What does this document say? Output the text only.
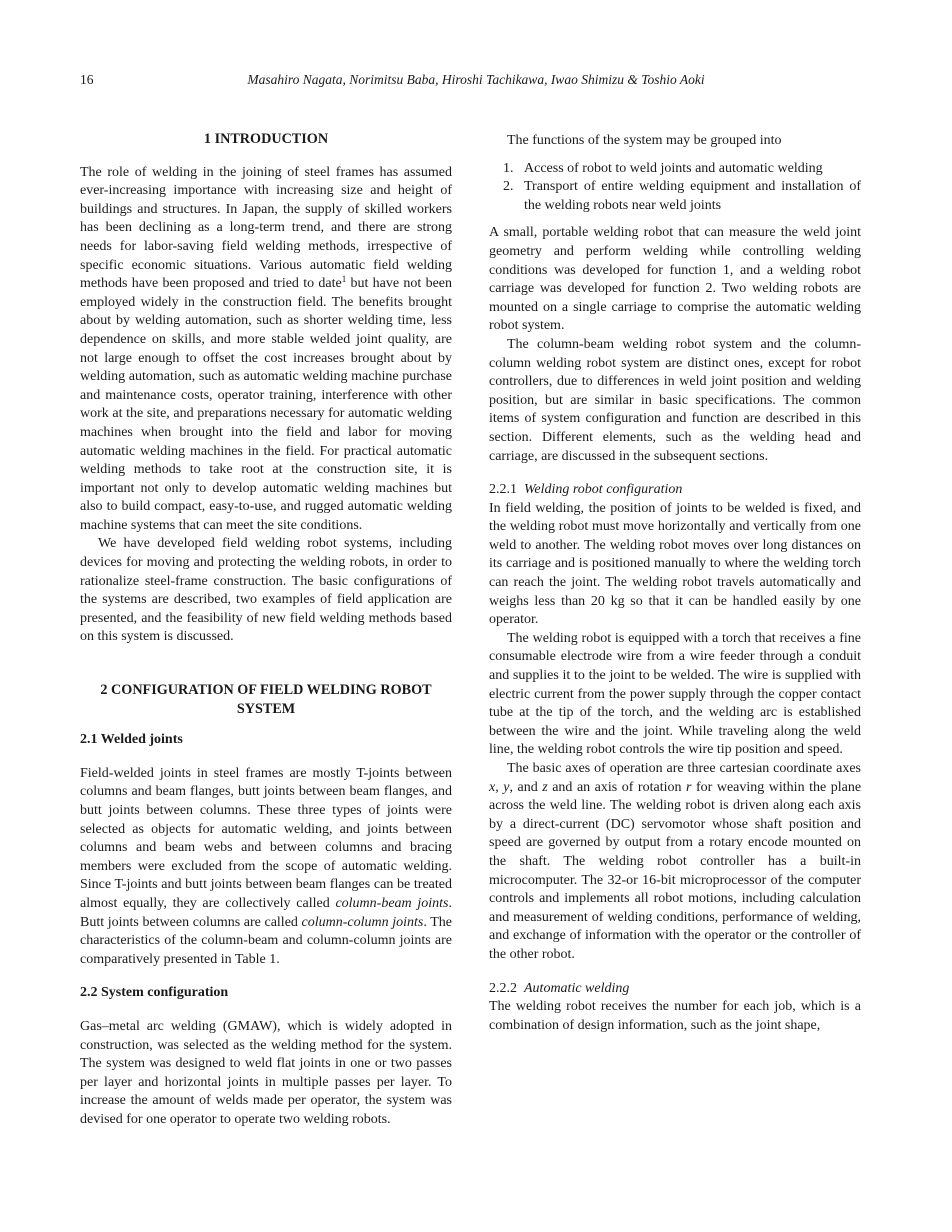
16	Masahiro Nagata, Norimitsu Baba, Hiroshi Tachikawa, Iwao Shimizu & Toshio Aoki
1 INTRODUCTION

The role of welding in the joining of steel frames has assumed ever-increasing importance with increasing size and height of buildings and structures. In Japan, the supply of skilled workers has been declining as a long-term trend, and there are strong needs for labor-saving field welding methods, irrespective of specific economic situations. Various automatic field welding methods have been proposed and tried to date$^1$ but have not been employed widely in the construction field. The benefits brought about by welding automation, such as shorter welding time, less dependence on skills, and more stable welded joint quality, are not large enough to offset the cost increases brought about by welding automation, such as automatic welding machine purchase and maintenance costs, operator training, interference with other work at the site, and preparations necessary for automatic welding machines when brought into the field and labor for moving automatic welding machines in the field. For practical automatic welding methods to take root at the construction site, it is important not only to develop automatic welding machines but also to build compact, easy-to-use, and rugged automatic welding machine systems that can meet the site conditions.

We have developed field welding robot systems, including devices for moving and protecting the welding robots, in order to rationalize steel-frame construction. The basic configurations of the systems are described, two examples of field application are presented, and the feasibility of new field welding methods based on this system is discussed.

2 CONFIGURATION OF FIELD WELDING ROBOT SYSTEM
2.1 Welded joints

Field-welded joints in steel frames are mostly T-joints between columns and beam flanges, butt joints between beam flanges, and butt joints between columns. These three types of joints were selected as objects for automatic welding, and joints between columns and beam webs and between columns and bracing members were excluded from the scope of automatic welding. Since T-joints and butt joints between beam flanges can be treated almost equally, they are collectively called column-beam joints. Butt joints between columns are called column-column joints. The characteristics of the column-beam and column-column joints are comparatively presented in Table 1.

2.2 System configuration

Gas–metal arc welding (GMAW), which is widely adopted in construction, was selected as the welding method for the system. The system was designed to weld flat joints in one or two passes per layer and horizontal joints in multiple passes per layer. To increase the amount of welds made per operator, the system was devised for one operator to operate two welding robots.

The functions of the system may be grouped into

1. Access of robot to weld joints and automatic welding
2. Transport of entire welding equipment and installation of the welding robots near weld joints

A small, portable welding robot that can measure the weld joint geometry and perform welding while controlling welding conditions was developed for function 1, and a welding robot carriage was developed for function 2. Two welding robots are mounted on a single carriage to comprise the automatic welding robot system.

The column-beam welding robot system and the column-column welding robot system are distinct ones, except for robot controllers, due to differences in weld joint position and welding position, but are similar in basic specifications. The common items of system configuration and function are described in this section. Different elements, such as the welding head and carriage, are discussed in the subsequent sections.

2.2.1 Welding robot configuration

In field welding, the position of joints to be welded is fixed, and the welding robot must move horizontally and vertically from one weld to another. The welding robot moves over long distances on its carriage and is positioned manually to where the welding torch can reach the joint. The welding robot travels automatically and weighs less than 20 kg so that it can be handled easily by one operator.

The welding robot is equipped with a torch that receives a fine consumable electrode wire from a wire feeder through a conduit and supplies it to the joint to be welded. The wire is supplied with electric current from the power supply through the copper contact tube at the tip of the torch, and the welding arc is established between the wire and the joint. While traveling along the weld line, the welding robot controls the wire tip position and speed.

The basic axes of operation are three cartesian coordinate axes x, y, and z and an axis of rotation r for weaving within the plane across the weld line. The welding robot is driven along each axis by a direct-current (DC) servomotor whose shaft position and speed are governed by output from a rotary encode mounted on the shaft. The welding robot controller has a built-in microcomputer. The 32-or 16-bit microprocessor of the computer controls and implements all robot motions, including calculation and measurement of welding conditions, performance of welding, and exchange of information with the operator or the controller of the other robot.

2.2.2 Automatic welding

The welding robot receives the number for each job, which is a combination of design information, such as the joint shape,
